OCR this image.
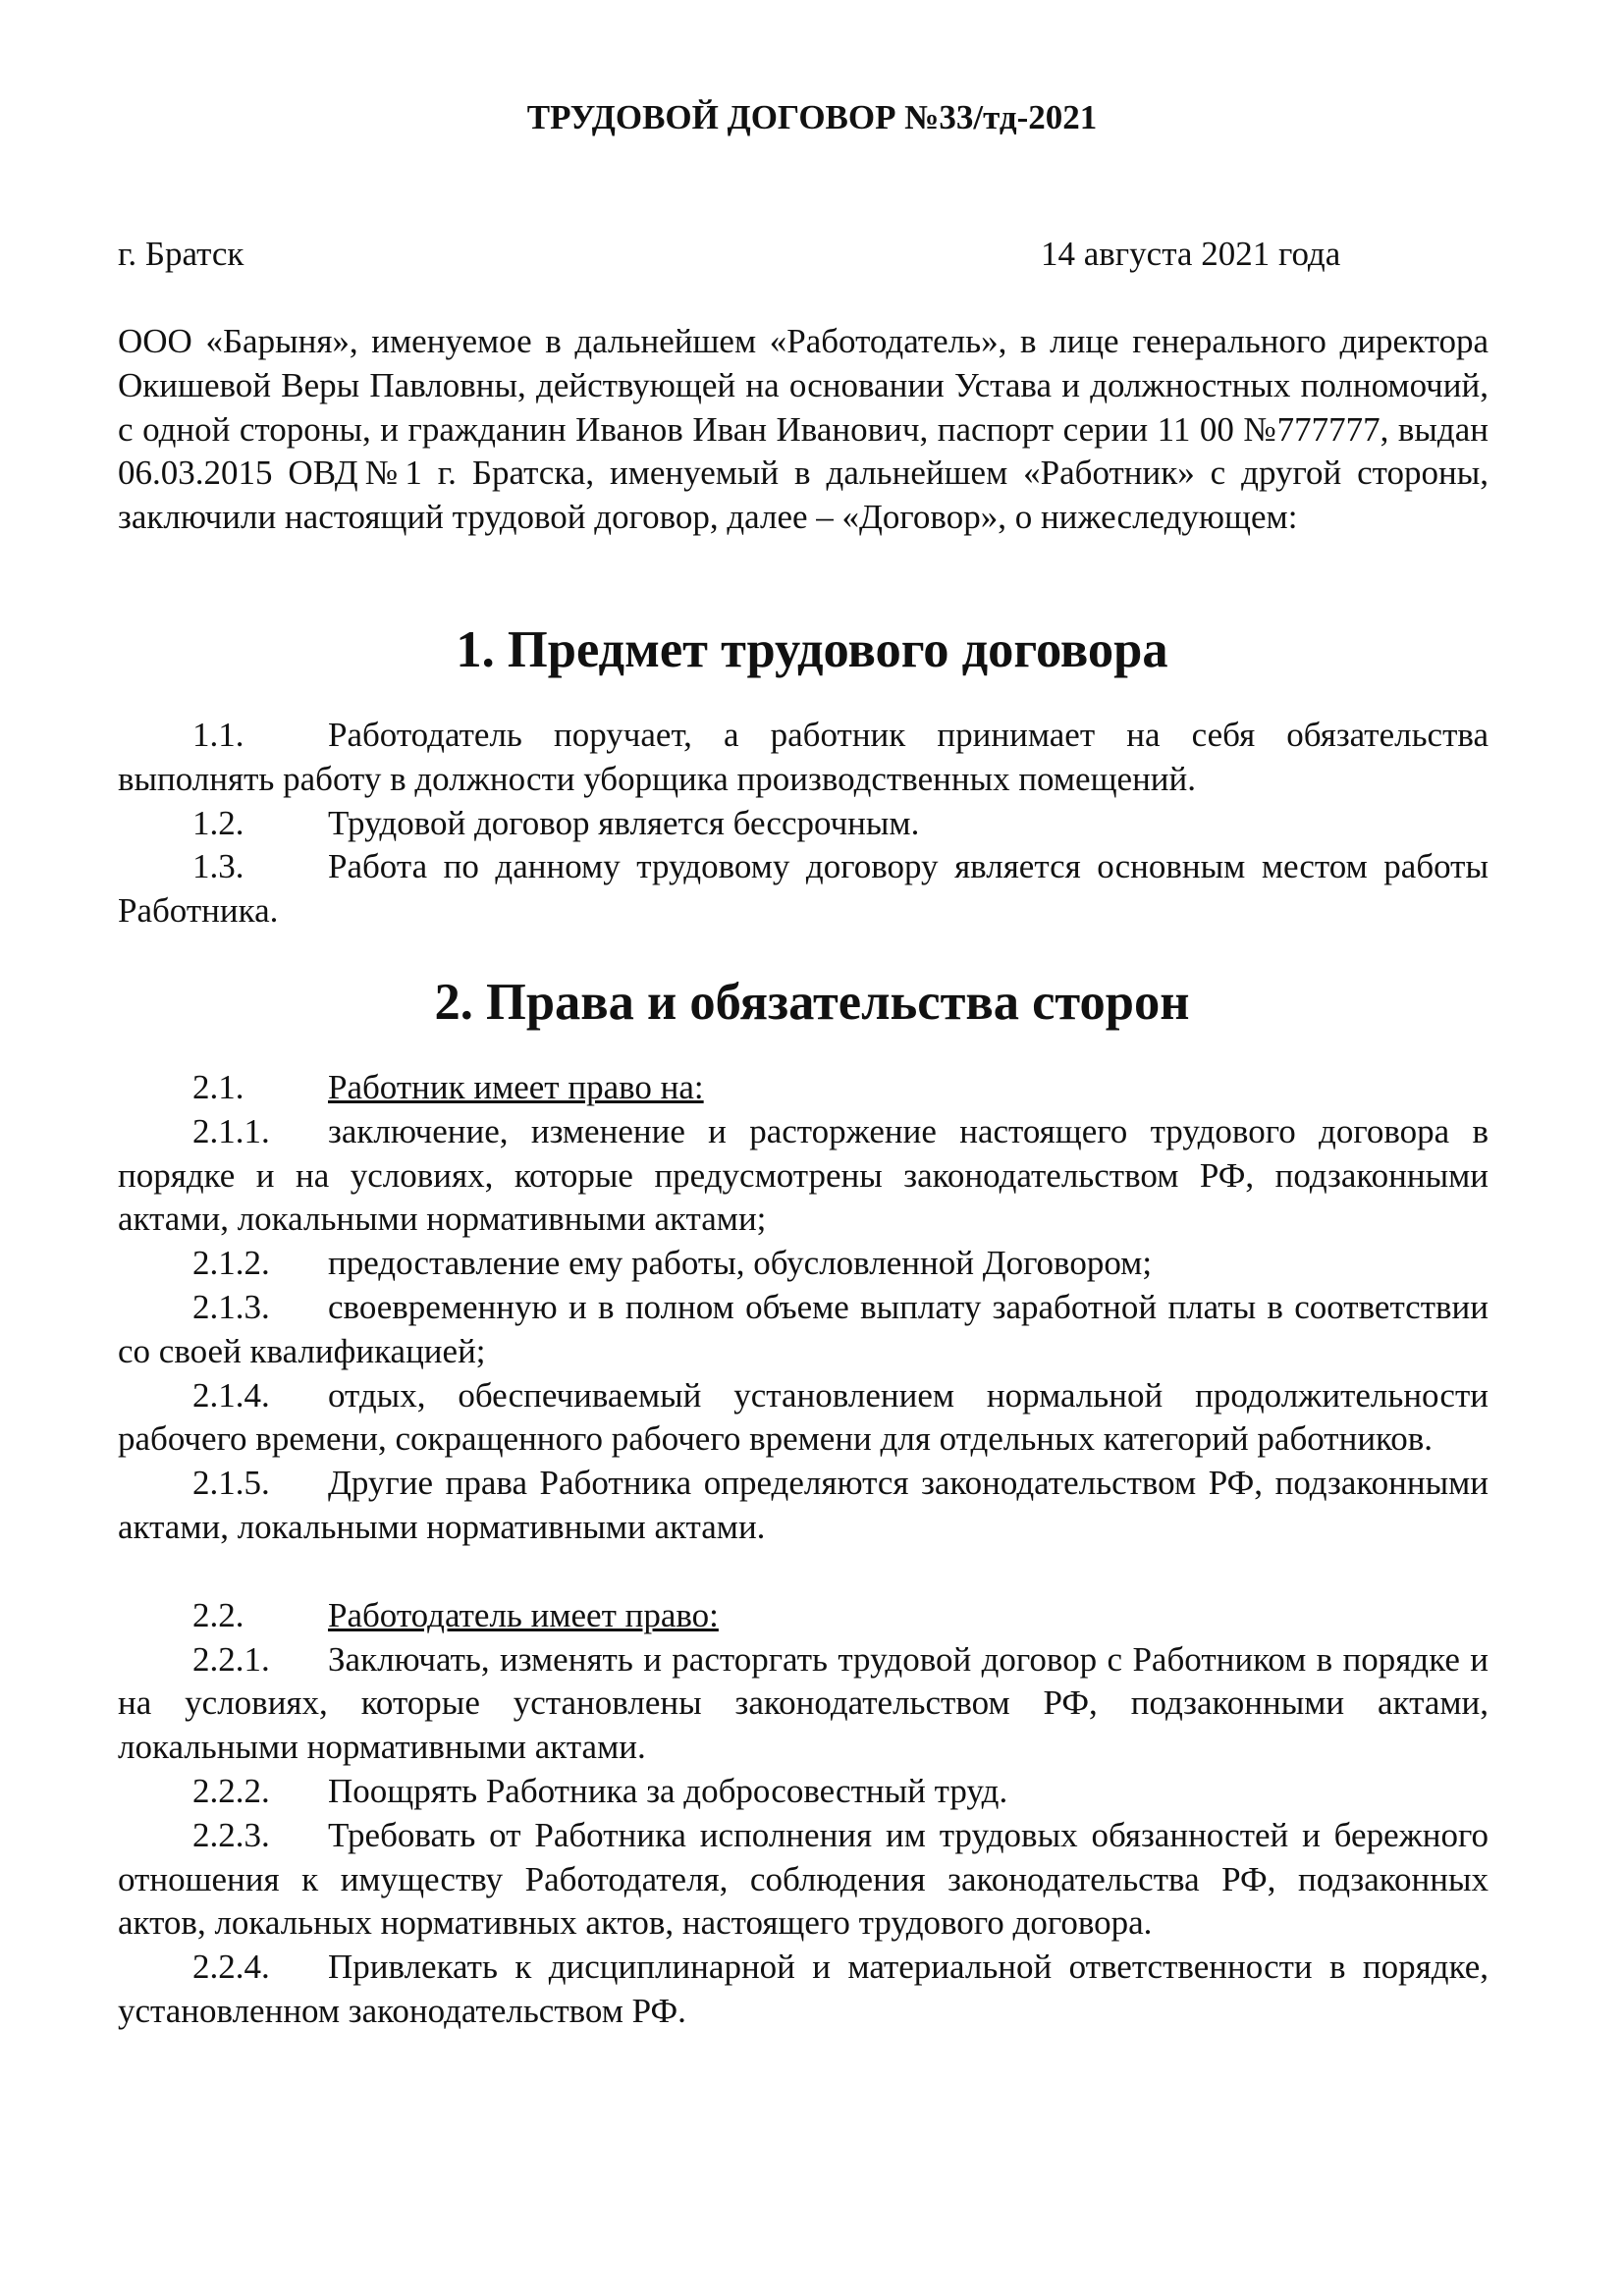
ТРУДОВОЙ ДОГОВОР №33/тд-2021
г. Братск	14 августа 2021 года

ООО «Барыня», именуемое в дальнейшем «Работодатель», в лице генерального директора Окишевой Веры Павловны, действующей на основании Устава и должностных полномочий, с одной стороны, и гражданин Иванов Иван Иванович, паспорт серии 11 00 №777777, выдан 06.03.2015 ОВД№1 г. Братска, именуемый в дальнейшем «Работник» с другой стороны, заключили настоящий трудовой договор, далее – «Договор», о нижеследующем:

1. Предмет трудового договора

1.1. Работодатель поручает, а работник принимает на себя обязательства выполнять работу в должности уборщика производственных помещений.

1.2. Трудовой договор является бессрочным.

1.3. Работа по данному трудовому договору является основным местом работы Работника.

2. Права и обязательства сторон

2.1. Работник имеет право на:

2.1.1. заключение, изменение и расторжение настоящего трудового договора в порядке и на условиях, которые предусмотрены законодательством РФ, подзаконными актами, локальными нормативными актами;

2.1.2. предоставление ему работы, обусловленной Договором;

2.1.3. своевременную и в полном объеме выплату заработной платы в соответствии со своей квалификацией;

2.1.4. отдых, обеспечиваемый установлением нормальной продолжительности рабочего времени, сокращенного рабочего времени для отдельных категорий работников.

2.1.5. Другие права Работника определяются законодательством РФ, подзаконными актами, локальными нормативными актами.

2.2. Работодатель имеет право:

2.2.1. Заключать, изменять и расторгать трудовой договор с Работником в порядке и на условиях, которые установлены законодательством РФ, подзаконными актами, локальными нормативными актами.

2.2.2. Поощрять Работника за добросовестный труд.

2.2.3. Требовать от Работника исполнения им трудовых обязанностей и бережного отношения к имуществу Работодателя, соблюдения законодательства РФ, подзаконных актов, локальных нормативных актов, настоящего трудового договора.

2.2.4. Привлекать к дисциплинарной и материальной ответственности в порядке, установленном законодательством РФ.
